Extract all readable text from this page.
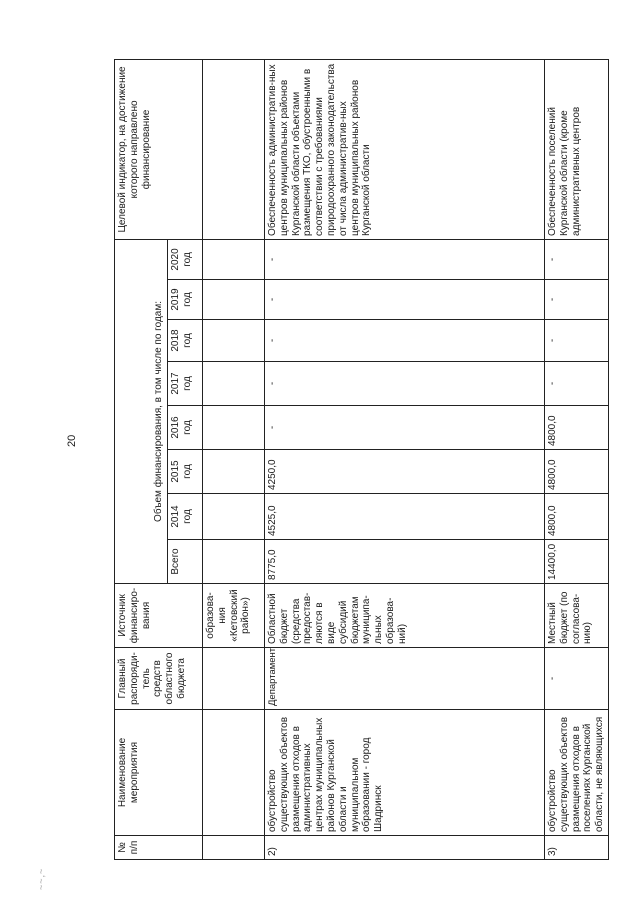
20
~~,~
№ п/п	Наименование мероприятия	Главный распоряди-тель средств областного бюджета	Источник финансиро-вания	Объем финансирования, в том числе по годам:								Целевой индикатор, на достижение которого направлено финансирование
				Всего	2014 год	2015 год	2016 год	2017 год	2018 год	2019 год	2020 год	
			образова-ния «Кетовский район»)									
2)	обустройство существующих объектов размещения отходов в административных центрах муниципальных районов Курганской области и муниципальном образовании - город Шадринск	Департамент	Областной бюджет (средства предостав-ляются в виде субсидий бюджетам муниципа-льных образова-ний)	8775,0	4525,0	4250,0	-	-	-	-	-	Обеспеченность административ-ных центров муниципальных районов Курганской области объектами размещения ТКО, обустроенными в соответствии с требованиями природоохранного законодательства от числа административ-ных центров муниципальных районов Курганской области
3)	обустройство существующих объектов размещения отходов в поселениях Курганской области, не являющихся	-	Местный бюджет (по согласова-нию)	14400,0	4800,0	4800,0	4800,0	-	-	-	-	Обеспеченность поселений Курганской области (кроме административных центров
